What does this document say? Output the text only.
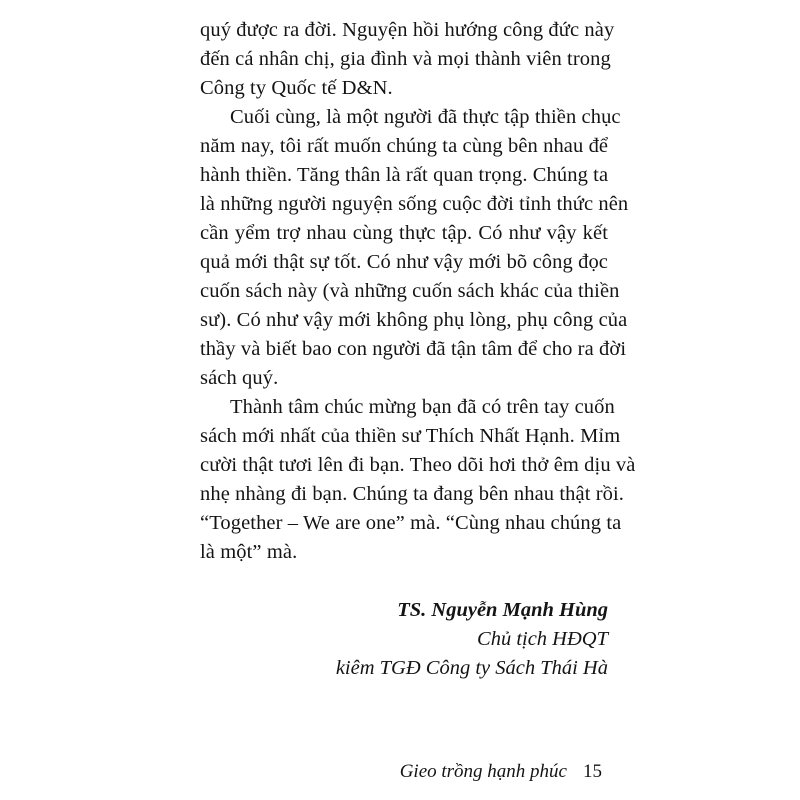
quý được ra đời. Nguyện hồi hướng công đức này
đến cá nhân chị, gia đình và mọi thành viên trong
Công ty Quốc tế D&N.
Cuối cùng, là một người đã thực tập thiền chục
năm nay, tôi rất muốn chúng ta cùng bên nhau để
hành thiền. Tăng thân là rất quan trọng. Chúng ta
là những người nguyện sống cuộc đời tỉnh thức nên
cần yểm trợ nhau cùng thực tập. Có như vậy kết
quả mới thật sự tốt. Có như vậy mới bõ công đọc
cuốn sách này (và những cuốn sách khác của thiền
sư). Có như vậy mới không phụ lòng, phụ công của
thầy và biết bao con người đã tận tâm để cho ra đời
sách quý.
Thành tâm chúc mừng bạn đã có trên tay cuốn
sách mới nhất của thiền sư Thích Nhất Hạnh. Mỉm
cười thật tươi lên đi bạn. Theo dõi hơi thở êm dịu và
nhẹ nhàng đi bạn. Chúng ta đang bên nhau thật rồi.
“Together – We are one” mà. “Cùng nhau chúng ta
là một” mà.
TS. Nguyễn Mạnh Hùng
Chủ tịch HĐQT
kiêm TGĐ Công ty Sách Thái Hà
Gieo trồng hạnh phúc 15
